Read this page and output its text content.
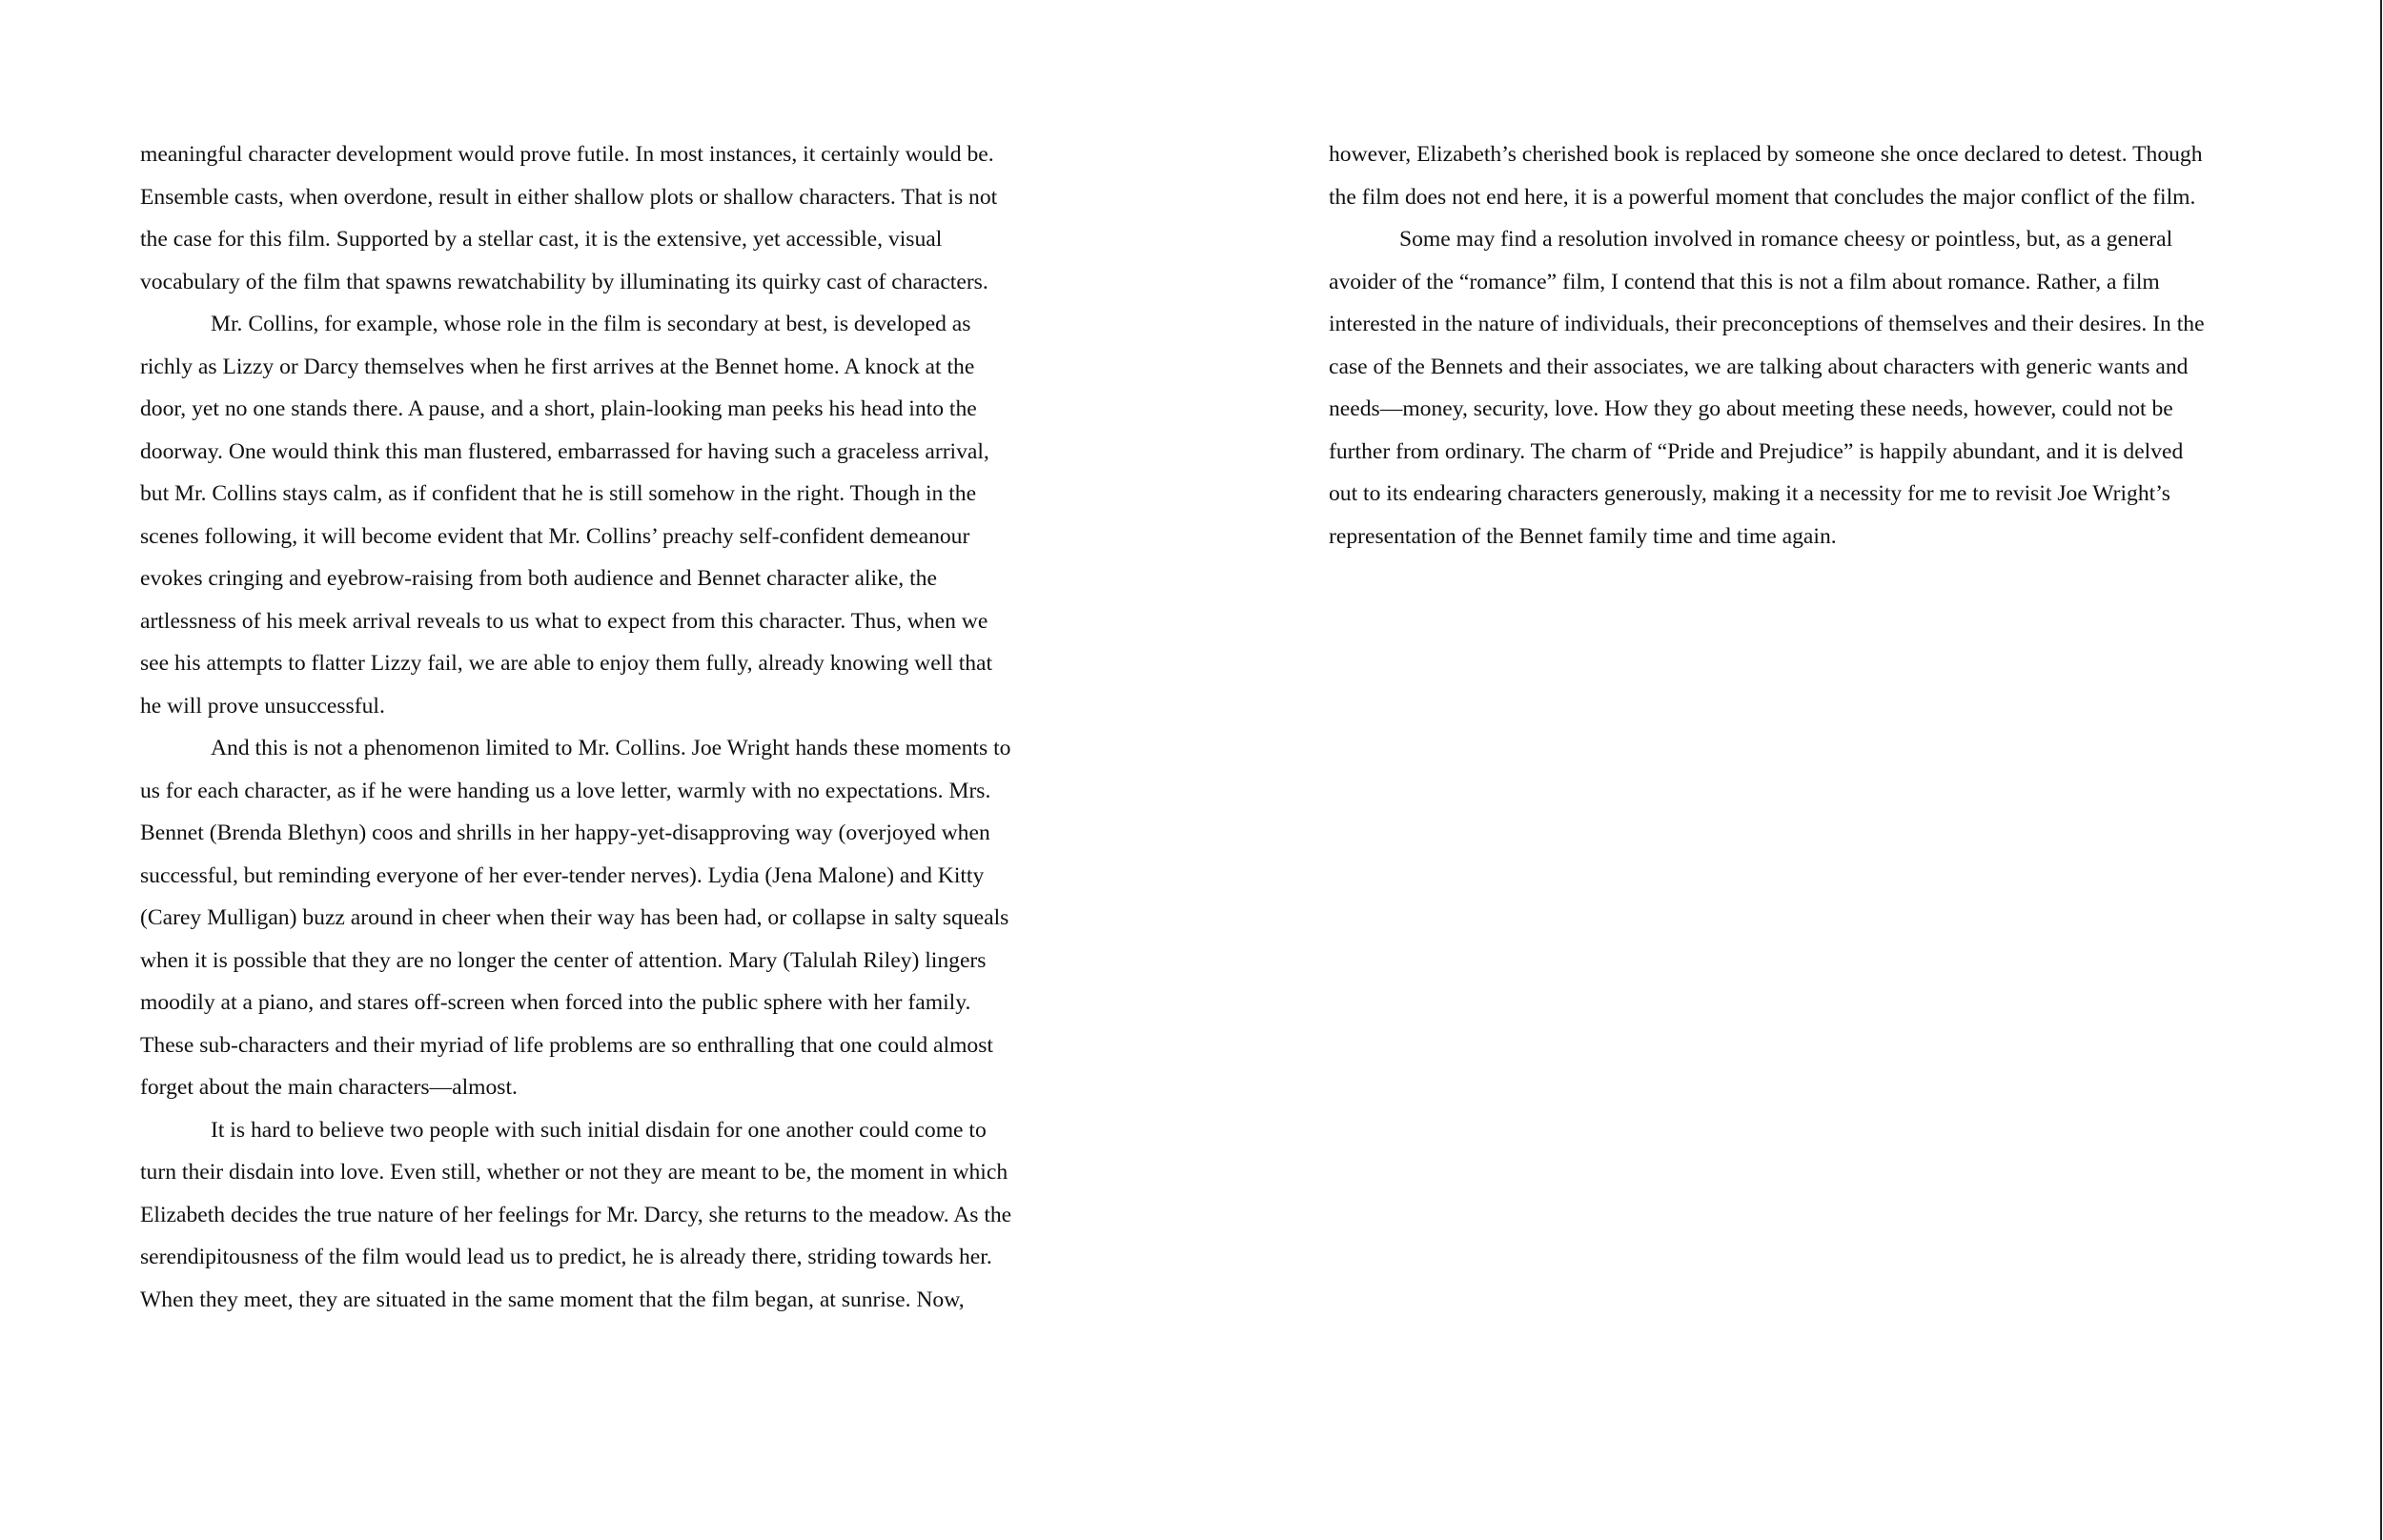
meaningful character development would prove futile. In most instances, it certainly would be.
Ensemble casts, when overdone, result in either shallow plots or shallow characters. That is not
the case for this film. Supported by a stellar cast, it is the extensive, yet accessible, visual
vocabulary of the film that spawns rewatchability by illuminating its quirky cast of characters.
Mr. Collins, for example, whose role in the film is secondary at best, is developed as
richly as Lizzy or Darcy themselves when he first arrives at the Bennet home. A knock at the
door, yet no one stands there. A pause, and a short, plain-looking man peeks his head into the
doorway. One would think this man flustered, embarrassed for having such a graceless arrival,
but Mr. Collins stays calm, as if confident that he is still somehow in the right. Though in the
scenes following, it will become evident that Mr. Collins’ preachy self-confident demeanour
evokes cringing and eyebrow-raising from both audience and Bennet character alike, the
artlessness of his meek arrival reveals to us what to expect from this character. Thus, when we
see his attempts to flatter Lizzy fail, we are able to enjoy them fully, already knowing well that
he will prove unsuccessful.
And this is not a phenomenon limited to Mr. Collins. Joe Wright hands these moments to
us for each character, as if he were handing us a love letter, warmly with no expectations. Mrs.
Bennet (Brenda Blethyn) coos and shrills in her happy-yet-disapproving way (overjoyed when
successful, but reminding everyone of her ever-tender nerves). Lydia (Jena Malone) and Kitty
(Carey Mulligan) buzz around in cheer when their way has been had, or collapse in salty squeals
when it is possible that they are no longer the center of attention. Mary (Talulah Riley) lingers
moodily at a piano, and stares off-screen when forced into the public sphere with her family.
These sub-characters and their myriad of life problems are so enthralling that one could almost
forget about the main characters—almost.
It is hard to believe two people with such initial disdain for one another could come to
turn their disdain into love. Even still, whether or not they are meant to be, the moment in which
Elizabeth decides the true nature of her feelings for Mr. Darcy, she returns to the meadow. As the
serendipitousness of the film would lead us to predict, he is already there, striding towards her.
When they meet, they are situated in the same moment that the film began, at sunrise. Now,
however, Elizabeth’s cherished book is replaced by someone she once declared to detest. Though
the film does not end here, it is a powerful moment that concludes the major conflict of the film.
Some may find a resolution involved in romance cheesy or pointless, but, as a general
avoider of the “romance” film, I contend that this is not a film about romance. Rather, a film
interested in the nature of individuals, their preconceptions of themselves and their desires. In the
case of the Bennets and their associates, we are talking about characters with generic wants and
needs—money, security, love. How they go about meeting these needs, however, could not be
further from ordinary. The charm of “Pride and Prejudice” is happily abundant, and it is delved
out to its endearing characters generously, making it a necessity for me to revisit Joe Wright’s
representation of the Bennet family time and time again.
